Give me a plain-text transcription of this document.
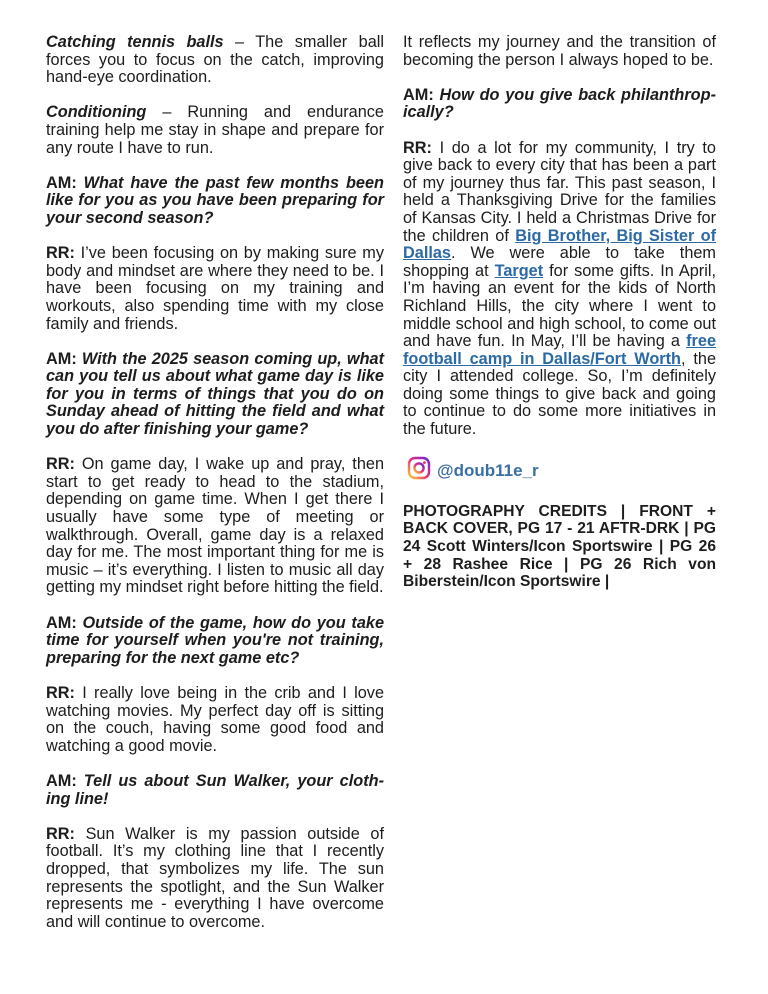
Catching tennis balls – The smaller ball forces you to focus on the catch, improving hand-eye coordination.

Conditioning – Running and endurance training help me stay in shape and prepare for any route I have to run.

AM: What have the past few months been like for you as you have been preparing for your second season?

RR: I’ve been focusing on by making sure my body and mindset are where they need to be. I have been focusing on my training and workouts, also spending time with my close family and friends.

AM: With the 2025 season coming up, what can you tell us about what game day is like for you in terms of things that you do on Sunday ahead of hitting the field and what you do after finishing your game?

RR: On game day, I wake up and pray, then start to get ready to head to the stadium, depending on game time. When I get there I usually have some type of meeting or walkthrough. Overall, game day is a relaxed day for me. The most important thing for me is music – it’s everything. I listen to music all day getting my mindset right before hitting the field.

AM: Outside of the game, how do you take time for yourself when you're not training, preparing for the next game etc?

RR: I really love being in the crib and I love watching movies. My perfect day off is sitting on the couch, having some good food and watching a good movie.

AM: Tell us about Sun Walker, your clothing line!

RR: Sun Walker is my passion outside of football. It’s my clothing line that I recently dropped, that symbolizes my life. The sun represents the spotlight, and the Sun Walker represents me - everything I have overcome and will continue to overcome.

It reflects my journey and the transition of becoming the person I always hoped to be.

AM: How do you give back philanthropically?

RR: I do a lot for my community, I try to give back to every city that has been a part of my journey thus far. This past season, I held a Thanksgiving Drive for the families of Kansas City. I held a Christmas Drive for the children of Big Brother, Big Sister of Dallas. We were able to take them shopping at Target for some gifts. In April, I’m having an event for the kids of North Richland Hills, the city where I went to middle school and high school, to come out and have fun. In May, I’ll be having a free football camp in Dallas/Fort Worth, the city I attended college. So, I’m definitely doing some things to give back and going to continue to do some more initiatives in the future.

@doub11e_r

PHOTOGRAPHY CREDITS | FRONT + BACK COVER, PG 17 - 21 AFTR-DRK | PG 24 Scott Winters/Icon Sportswire | PG 26 + 28 Rashee Rice | PG 26 Rich von Biberstein/Icon Sportswire |
